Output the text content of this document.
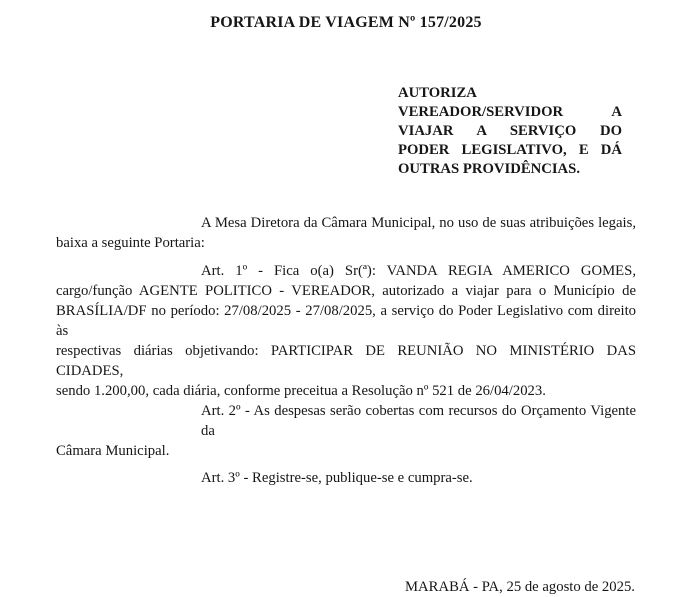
PORTARIA DE VIAGEM Nº 157/2025
AUTORIZA
VEREADOR/SERVIDOR A
VIAJAR A SERVIÇO DO
PODER LEGISLATIVO, E DÁ
OUTRAS PROVIDÊNCIAS.
A Mesa Diretora da Câmara Municipal, no uso de suas atribuições legais,
baixa a seguinte Portaria:
Art. 1º - Fica o(a) Sr(ª): VANDA REGIA AMERICO GOMES,
cargo/função AGENTE POLITICO - VEREADOR, autorizado a viajar para o Município de
BRASÍLIA/DF no período: 27/08/2025 - 27/08/2025, a serviço do Poder Legislativo com direito às
respectivas diárias objetivando: PARTICIPAR DE REUNIÃO NO MINISTÉRIO DAS CIDADES,
sendo 1.200,00, cada diária, conforme preceitua a Resolução nº 521 de 26/04/2023.
Art. 2º - As despesas serão cobertas com recursos do Orçamento Vigente da
Câmara Municipal.
Art. 3º - Registre-se, publique-se e cumpra-se.
MARABÁ - PA, 25 de agosto de 2025.
